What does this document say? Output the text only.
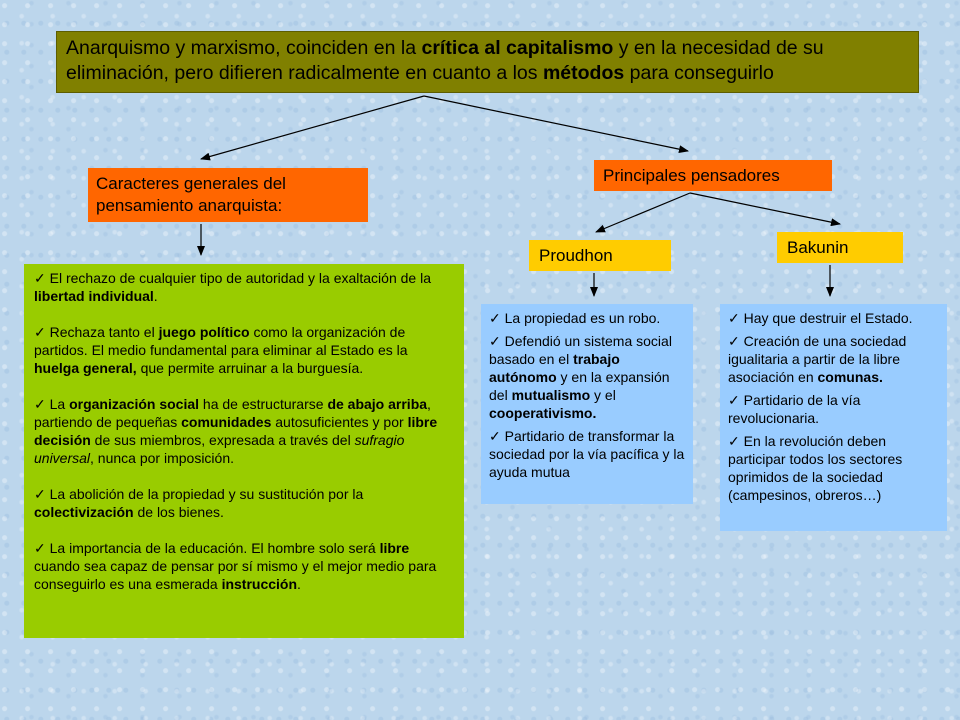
Anarquismo y marxismo, coinciden en la crítica al capitalismo y en la necesidad de su eliminación, pero difieren radicalmente en cuanto a los métodos para conseguirlo
Caracteres generales del pensamiento anarquista:
Principales pensadores
Proudhon	Bakunin

✓ El rechazo de cualquier tipo de autoridad y la exaltación de la libertad individual.

✓ Rechaza tanto el juego político como la organización de partidos. El medio fundamental para eliminar al Estado es la huelga general, que permite arruinar a la burguesía.

✓ La organización social ha de estructurarse de abajo arriba, partiendo de pequeñas comunidades autosuficientes y por libre decisión de sus miembros, expresada a través del sufragio universal, nunca por imposición.

✓ La abolición de la propiedad y su sustitución por la colectivización de los bienes.

✓ La importancia de la educación. El hombre solo será libre cuando sea capaz de pensar por sí mismo y el mejor medio para conseguirlo es una esmerada instrucción.

✓ La propiedad es un robo.

✓ Defendió un sistema social basado en el trabajo autónomo y en la expansión del mutualismo y el cooperativismo.

✓ Partidario de transformar la sociedad por la vía pacífica y la ayuda mutua

✓ Hay que destruir el Estado.

✓ Creación de una sociedad igualitaria a partir de la libre asociación en comunas.

✓ Partidario de la vía revolucionaria.

✓ En la revolución deben participar todos los sectores oprimidos de la sociedad (campesinos, obreros…)
